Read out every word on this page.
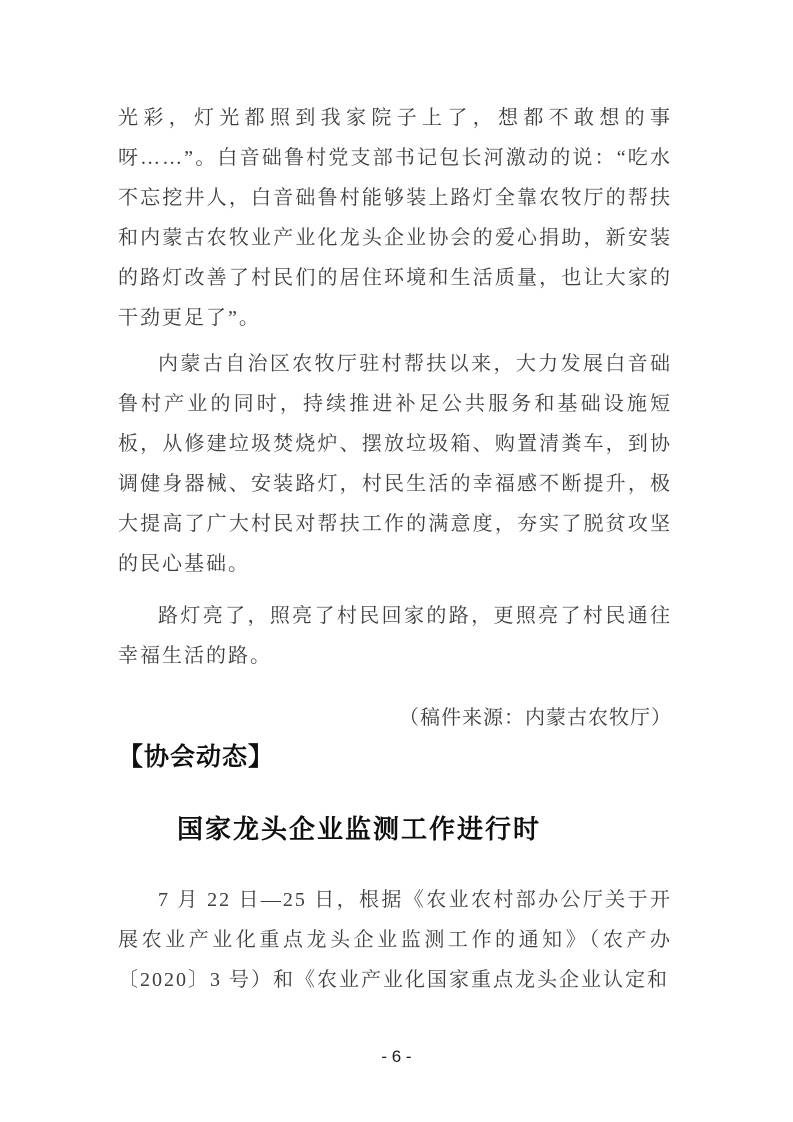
光彩，灯光都照到我家院子上了，想都不敢想的事呀……”。白音础鲁村党支部书记包长河激动的说：“吃水不忘挖井人，白音础鲁村能够装上路灯全靠农牧厅的帮扶和内蒙古农牧业产业化龙头企业协会的爱心捐助，新安装的路灯改善了村民们的居住环境和生活质量，也让大家的干劲更足了”。

内蒙古自治区农牧厅驻村帮扶以来，大力发展白音础鲁村产业的同时，持续推进补足公共服务和基础设施短板，从修建垃圾焚烧炉、摆放垃圾箱、购置清粪车，到协调健身器械、安装路灯，村民生活的幸福感不断提升，极大提高了广大村民对帮扶工作的满意度，夯实了脱贫攻坚的民心基础。

路灯亮了，照亮了村民回家的路，更照亮了村民通往幸福生活的路。

（稿件来源：内蒙古农牧厅）

【协会动态】
国家龙头企业监测工作进行时

7 月 22 日—25 日，根据《农业农村部办公厅关于开展农业产业化重点龙头企业监测工作的通知》（农产办〔2020〕3 号）和《农业产业化国家重点龙头企业认定和

- 6 -
